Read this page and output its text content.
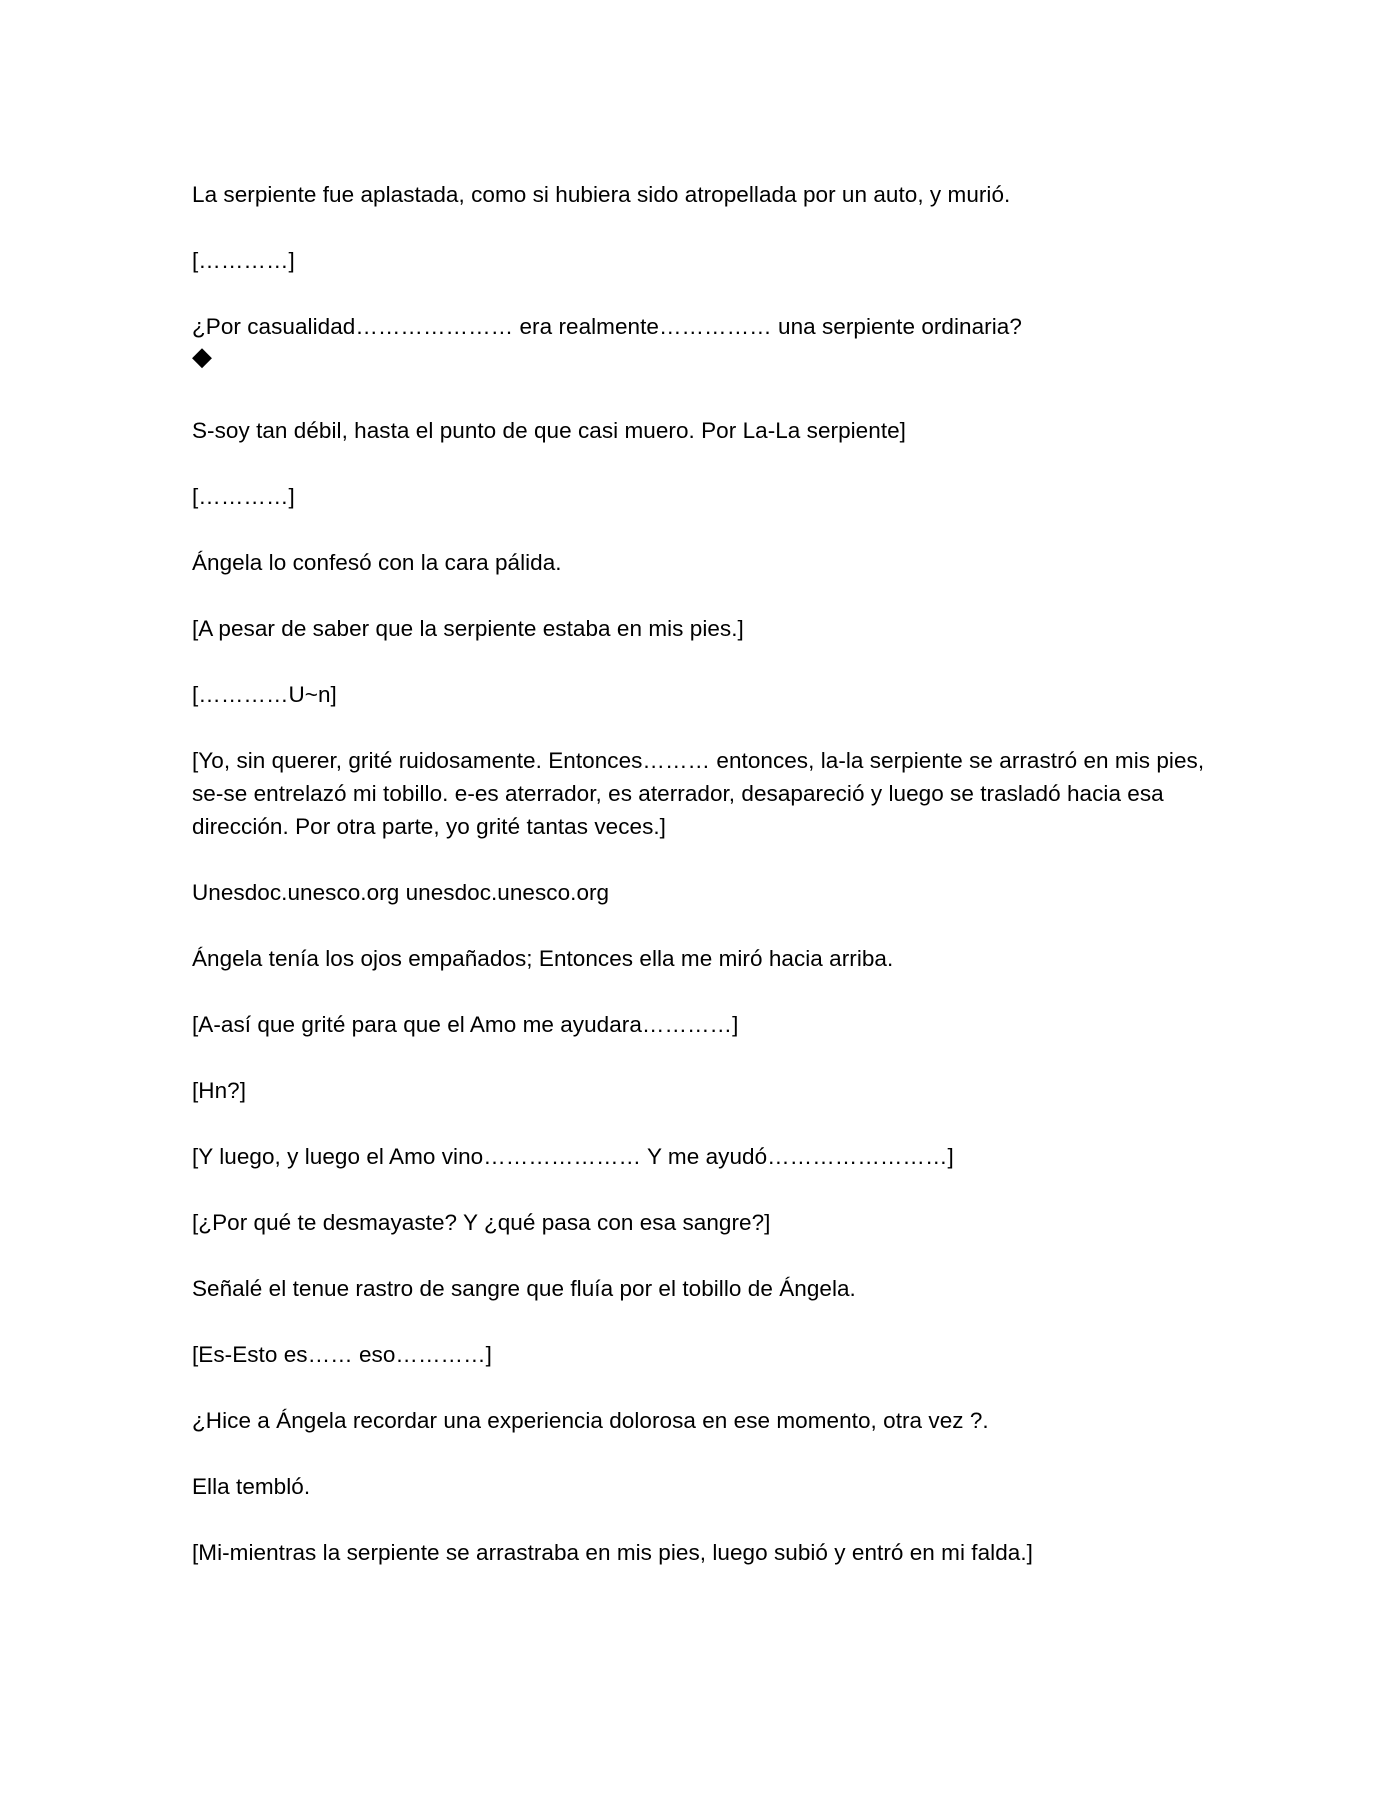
La serpiente fue aplastada, como si hubiera sido atropellada por un auto, y murió.

[…………]

¿Por casualidad………………… era realmente…………… una serpiente ordinaria?

◆

S-soy tan débil, hasta el punto de que casi muero. Por La-La serpiente]

[…………]

Ángela lo confesó con la cara pálida.

[A pesar de saber que la serpiente estaba en mis pies.]

[…………U~n]

[Yo, sin querer, grité ruidosamente. Entonces……… entonces, la-la serpiente se arrastró en mis pies, se-se entrelazó mi tobillo. e-es aterrador, es aterrador, desapareció y luego se trasladó hacia esa dirección. Por otra parte, yo grité tantas veces.]

Unesdoc.unesco.org unesdoc.unesco.org

Ángela tenía los ojos empañados; Entonces ella me miró hacia arriba.

[A-así que grité para que el Amo me ayudara…………]

[Hn?]

[Y luego, y luego el Amo vino………………… Y me ayudó……………………]

[¿Por qué te desmayaste? Y ¿qué pasa con esa sangre?]

Señalé el tenue rastro de sangre que fluía por el tobillo de Ángela.

[Es-Esto es…… eso…………]

¿Hice a Ángela recordar una experiencia dolorosa en ese momento, otra vez ?.

Ella tembló.

[Mi-mientras la serpiente se arrastraba en mis pies, luego subió y entró en mi falda.]
